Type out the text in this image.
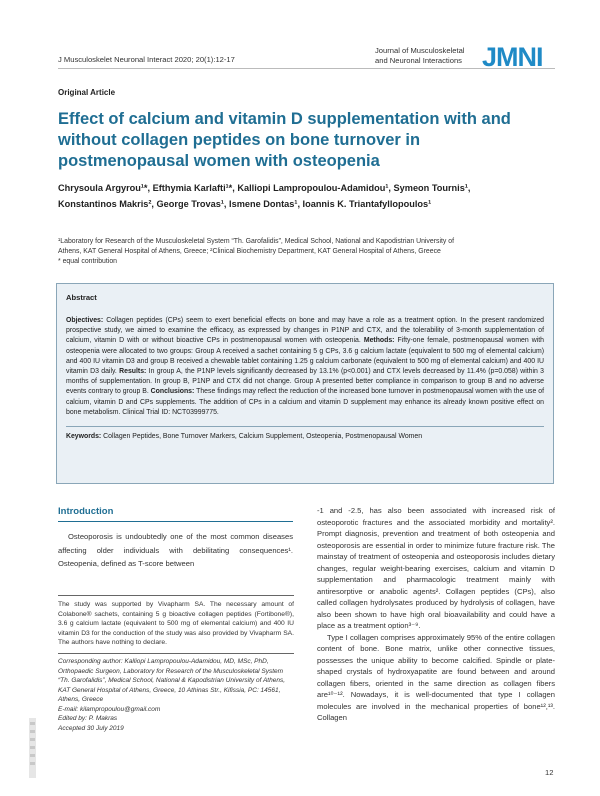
J Musculoskelet Neuronal Interact 2020; 20(1):12-17
Journal of Musculoskeletal
and Neuronal Interactions JMNI
Original Article
Effect of calcium and vitamin D supplementation with and without collagen peptides on bone turnover in postmenopausal women with osteopenia
Chrysoula Argyrou¹*, Efthymia Karlafti¹*, Kalliopi Lampropoulou-Adamidou¹, Symeon Tournis¹,
Konstantinos Makris², George Trovas¹, Ismene Dontas¹, Ioannis K. Triantafyllopoulos¹
¹Laboratory for Research of the Musculoskeletal System “Th. Garofalidis”, Medical School, National and Kapodistrian University of
Athens, KAT General Hospital of Athens, Greece; ²Clinical Biochemistry Department, KAT General Hospital of Athens, Greece
* equal contribution
Abstract
Objectives: Collagen peptides (CPs) seem to exert beneficial effects on bone and may have a role as a treatment option. In the present randomized prospective study, we aimed to examine the efficacy, as expressed by changes in P1NP and CTX, and the tolerability of 3-month supplementation of calcium, vitamin D with or without bioactive CPs in postmenopausal women with osteopenia. Methods: Fifty-one female, postmenopausal women with osteopenia were allocated to two groups: Group A received a sachet containing 5 g CPs, 3.6 g calcium lactate (equivalent to 500 mg of elemental calcium) and 400 IU vitamin D3 and group B received a chewable tablet containing 1.25 g calcium carbonate (equivalent to 500 mg of elemental calcium) and 400 IU vitamin D3 daily. Results: In group A, the P1NP levels significantly decreased by 13.1% (p<0.001) and CTX levels decreased by 11.4% (p=0.058) within 3 months of supplementation. In group B, P1NP and CTX did not change. Group A presented better compliance in comparison to group B and no adverse events contrary to group B. Conclusions: These findings may reflect the reduction of the increased bone turnover in postmenopausal women with the use of calcium, vitamin D and CPs supplements. The addition of CPs in a calcium and vitamin D supplement may enhance its already known positive effect on bone metabolism. Clinical Trial ID: NCT03999775.
Keywords: Collagen Peptides, Bone Turnover Markers, Calcium Supplement, Osteopenia, Postmenopausal Women
Introduction

Osteoporosis is undoubtedly one of the most common diseases affecting older individuals with debilitating consequences¹. Osteopenia, defined as T-score between

The study was supported by Vivapharm SA. The necessary amount of Colabone® sachets, containing 5 g bioactive collagen peptides (Fortibone®), 3.6 g calcium lactate (equivalent to 500 mg of elemental calcium) and 400 IU vitamin D3 for the conduction of the study was also provided by Vivapharm SA. The authors have nothing to declare.
Corresponding author: Kalliopi Lampropoulou-Adamidou, MD, MSc, PhD, Orthopaedic Surgeon, Laboratory for Research of the Musculoskeletal System “Th. Garofalidis”, Medical School, National & Kapodistrian University of Athens, KAT General Hospital of Athens, Greece, 10 Athinas Str., Kifissia, PC: 14561, Athens, Greece
E-mail: kilampropoulou@gmail.com
Edited by: P. Makras
Accepted 30 July 2019

-1 and -2.5, has also been associated with increased risk of osteoporotic fractures and the associated morbidity and mortality². Prompt diagnosis, prevention and treatment of both osteopenia and osteoporosis are essential in order to minimize future fracture risk. The mainstay of treatment of osteopenia and osteoporosis includes dietary changes, regular weight-bearing exercises, calcium and vitamin D supplementation and pharmacologic treatment mainly with antiresorptive or anabolic agents². Collagen peptides (CPs), also called collagen hydrolysates produced by hydrolysis of collagen, have also been shown to have high oral bioavailability and could have a place as a treatment option³⁻⁹.

Type I collagen comprises approximately 95% of the entire collagen content of bone. Bone matrix, unlike other connective tissues, possesses the unique ability to become calcified. Spindle or plate-shaped crystals of hydroxyapatite are found between and around collagen fibers, oriented in the same direction as collagen fibers are¹⁰⁻¹². Nowadays, it is well-documented that type I collagen molecules are involved in the mechanical properties of bone¹²,¹³. Collagen

12
